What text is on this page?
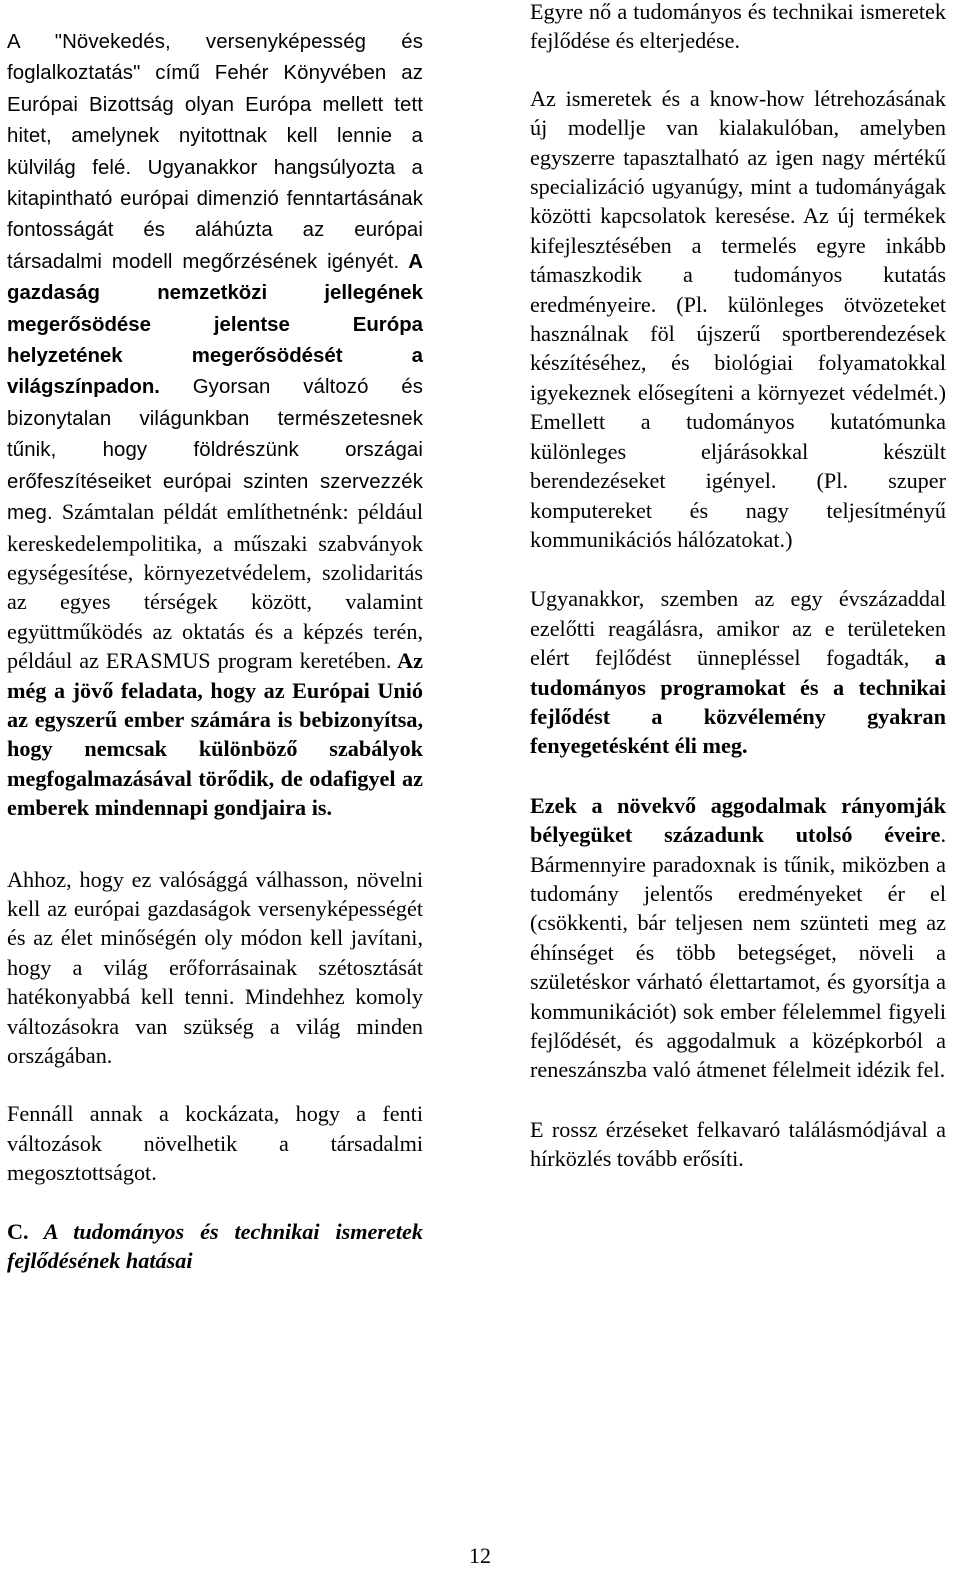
A "Növekedés, versenyképesség és foglalkoztatás" című Fehér Könyvében az Európai Bizottság olyan Európa mellett tett hitet, amelynek nyitottnak kell lennie a külvilág felé. Ugyanakkor hangsúlyozta a kitapintható európai dimenzió fenntartásának fontosságát és aláhúzta az európai társadalmi modell megőrzésének igényét. A gazdaság nemzetközi jellegének megerősödése jelentse Európa helyzetének megerősödését a világszínpadon. Gyorsan változó és bizonytalan világunkban természetesnek tűnik, hogy földrészünk országai erőfeszítéseiket európai szinten szervezzék meg. Számtalan példát említhetnénk: például kereskedelempolitika, a műszaki szabványok egységesítése, környezetvédelem, szolidaritás az egyes térségek között, valamint együttműködés az oktatás és a képzés terén, például az ERASMUS program keretében. Az még a jövő feladata, hogy az Európai Unió az egyszerű ember számára is bebizonyítsa, hogy nemcsak különböző szabályok megfogalmazásával törődik, de odafigyel az emberek mindennapi gondjaira is.

Ahhoz, hogy ez valósággá válhasson, növelni kell az európai gazdaságok versenyképességét és az élet minőségén oly módon kell javítani, hogy a világ erőforrásainak szétosztását hatékonyabbá kell tenni. Mindehhez komoly változásokra van szükség a világ minden országában.

Fennáll annak a kockázata, hogy a fenti változások növelhetik a társadalmi megosztottságot.

C. A tudományos és technikai ismeretek fejlődésének hatásai

Egyre nő a tudományos és technikai ismeretek fejlődése és elterjedése.

Az ismeretek és a know-how létrehozásának új modellje van kialakulóban, amelyben egyszerre tapasztalható az igen nagy mértékű specializáció ugyanúgy, mint a tudományágak közötti kapcsolatok keresése. Az új termékek kifejlesztésében a termelés egyre inkább támaszkodik a tudományos kutatás eredményeire. (Pl. különleges ötvözeteket használnak föl újszerű sportberendezések készítéséhez, és biológiai folyamatokkal igyekeznek elősegíteni a környezet védelmét.) Emellett a tudományos kutatómunka különleges eljárásokkal készült berendezéseket igényel. (Pl. szuper komputereket és nagy teljesítményű kommunikációs hálózatokat.)

Ugyanakkor, szemben az egy évszázaddal ezelőtti reagálásra, amikor az e területeken elért fejlődést ünnepléssel fogadták, a tudományos programokat és a technikai fejlődést a közvélemény gyakran fenyegetésként éli meg.

Ezek a növekvő aggodalmak rányomják bélyegüket századunk utolsó éveire. Bármennyire paradoxnak is tűnik, miközben a tudomány jelentős eredményeket ér el (csökkenti, bár teljesen nem szünteti meg az éhínséget és több betegséget, növeli a születéskor várható élettartamot, és gyorsítja a kommunikációt) sok ember félelemmel figyeli fejlődését, és aggodalmuk a középkorból a reneszánszba való átmenet félelmeit idézik fel.

E rossz érzéseket felkavaró találásmódjával a hírközlés tovább erősíti.

12
